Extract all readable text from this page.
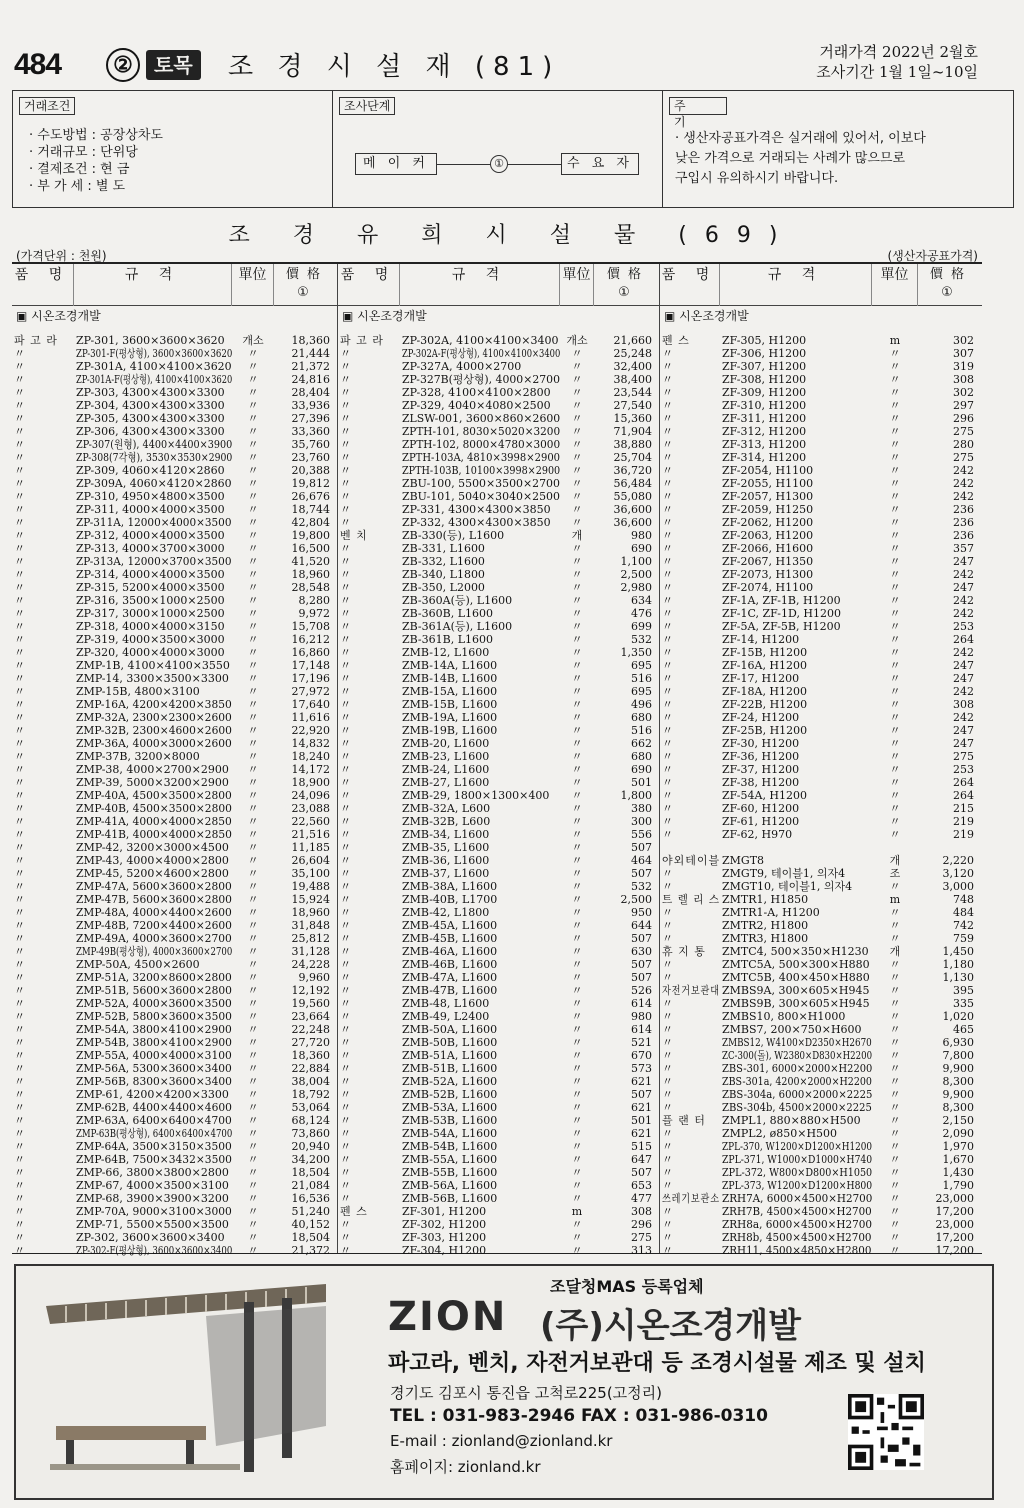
484	②	토목	조 경 시 설 재 (81)	거래가격 2022년 2월호
조사기간 1월 1일~10일
거래조건
· 수도방법 : 공장상차도
· 거래규모 : 단위당
· 결제조건 : 현 금
· 부 가 세 : 별 도
조사단계
메 이 커	①	수 요 자
주 기
· 생산자공표가격은 실거래에 있어서, 이보다
낮은 가격으로 거래되는 사례가 많으므로
구입시 유의하시기 바랍니다.
조 경 유 희 시 설 물 (69)
(가격단위 : 천원)	(생산자공표가격)
품 명	규 격	單位	價 格
①
▣ 시온조경개발
파 고 라 ZP-301, 3600×3600×3620	개소	18,360
〃	ZP-301-F(평상형), 3600×3600×3620	〃	21,444
〃	ZP-301A, 4100×4100×3620	〃	21,372
〃	ZP-301A-F(평상형), 4100×4100×3620	〃	24,816
〃	ZP-303, 4300×4300×3300	〃	28,404
〃	ZP-304, 4300×4300×3300	〃	33,936
〃	ZP-305, 4300×4300×3300	〃	27,396
〃	ZP-306, 4300×4300×3300	〃	33,360
〃	ZP-307(원형), 4400×4400×3900	〃	35,760
〃	ZP-308(7각형), 3530×3530×2900	〃	23,760
〃	ZP-309, 4060×4120×2860	〃	20,388
〃	ZP-309A, 4060×4120×2860	〃	19,812
〃	ZP-310, 4950×4800×3500	〃	26,676
〃	ZP-311, 4000×4000×3500	〃	18,744
〃	ZP-311A, 12000×4000×3500	〃	42,804
〃	ZP-312, 4000×4000×3500	〃	19,800
〃	ZP-313, 4000×3700×3000	〃	16,500
〃	ZP-313A, 12000×3700×3500	〃	41,520
〃	ZP-314, 4000×4000×3500	〃	18,960
〃	ZP-315, 5200×4000×3500	〃	28,548
〃	ZP-316, 3500×1000×2500	〃	8,280
〃	ZP-317, 3000×1000×2500	〃	9,972
〃	ZP-318, 4000×4000×3150	〃	15,708
〃	ZP-319, 4000×3500×3000	〃	16,212
〃	ZP-320, 4000×4000×3000	〃	16,860
〃	ZMP-1B, 4100×4100×3550	〃	17,148
〃	ZMP-14, 3300×3500×3300	〃	17,196
〃	ZMP-15B, 4800×3100	〃	27,972
〃	ZMP-16A, 4200×4200×3850	〃	17,640
〃	ZMP-32A, 2300×2300×2600	〃	11,616
〃	ZMP-32B, 2300×4600×2600	〃	22,920
〃	ZMP-36A, 4000×3000×2600	〃	14,832
〃	ZMP-37B, 3200×8000	〃	18,240
〃	ZMP-38, 4000×2700×2900	〃	14,172
〃	ZMP-39, 5000×3200×2900	〃	18,900
〃	ZMP-40A, 4500×3500×2800	〃	24,096
〃	ZMP-40B, 4500×3500×2800	〃	23,088
〃	ZMP-41A, 4000×4000×2850	〃	22,560
〃	ZMP-41B, 4000×4000×2850	〃	21,516
〃	ZMP-42, 3200×3000×4500	〃	11,185
〃	ZMP-43, 4000×4000×2800	〃	26,604
〃	ZMP-45, 5200×4600×2800	〃	35,100
〃	ZMP-47A, 5600×3600×2800	〃	19,488
〃	ZMP-47B, 5600×3600×2800	〃	15,924
〃	ZMP-48A, 4000×4400×2600	〃	18,960
〃	ZMP-48B, 7200×4400×2600	〃	31,848
〃	ZMP-49A, 4000×3600×2700	〃	25,812
〃	ZMP-49B(평상형), 4000×3600×2700	〃	31,128
〃	ZMP-50A, 4500×2600	〃	24,228
〃	ZMP-51A, 3200×8600×2800	〃	9,960
〃	ZMP-51B, 5600×3600×2800	〃	12,192
〃	ZMP-52A, 4000×3600×3500	〃	19,560
〃	ZMP-52B, 5800×3600×3500	〃	23,664
〃	ZMP-54A, 3800×4100×2900	〃	22,248
〃	ZMP-54B, 3800×4100×2900	〃	27,720
〃	ZMP-55A, 4000×4000×3100	〃	18,360
〃	ZMP-56A, 5300×3600×3400	〃	22,884
〃	ZMP-56B, 8300×3600×3400	〃	38,004
〃	ZMP-61, 4200×4200×3300	〃	18,792
〃	ZMP-62B, 4400×4400×4600	〃	53,064
〃	ZMP-63A, 6400×6400×4700	〃	68,124
〃	ZMP-63B(평상형), 6400×6400×4700	〃	73,860
〃	ZMP-64A, 3500×3150×3500	〃	20,940
〃	ZMP-64B, 7500×3432×3500	〃	34,200
〃	ZMP-66, 3800×3800×2800	〃	18,504
〃	ZMP-67, 4000×3500×3100	〃	21,084
〃	ZMP-68, 3900×3900×3200	〃	16,536
〃	ZMP-70A, 9000×3100×3000	〃	51,240
〃	ZMP-71, 5500×5500×3500	〃	40,152
〃	ZP-302, 3600×3600×3400	〃	18,504
〃	ZP-302-F(평상형), 3600×3600×3400	〃	21,372
품 명	규 격	單位	價 格
①
▣ 시온조경개발
파 고 라 ZP-302A, 4100×4100×3400 개소	21,660
〃	ZP-302A-F(평상형), 4100×4100×3400	〃	25,248
〃	ZP-327A, 4000×2700	〃	32,400
〃	ZP-327B(평상형), 4000×2700	〃	38,400
〃	ZP-328, 4100×4100×2800	〃	23,544
〃	ZP-329, 4040×4080×2500	〃	27,540
〃	ZLSW-001, 3600×860×2600	〃	15,360
〃	ZPTH-101, 8030×5020×3200	〃	71,904
〃	ZPTH-102, 8000×4780×3000	〃	38,880
〃	ZPTH-103A, 4810×3998×2900	〃	25,704
〃	ZPTH-103B, 10100×3998×2900	〃	36,720
〃	ZBU-100, 5500×3500×2700	〃	56,484
〃	ZBU-101, 5040×3040×2500	〃	55,080
〃	ZP-331, 4300×4300×3850	〃	36,600
〃	ZP-332, 4300×4300×3850	〃	36,600
벤 치	ZB-330(등), L1600	개	980
〃	ZB-331, L1600	〃	690
〃	ZB-332, L1600	〃	1,100
〃	ZB-340, L1800	〃	2,500
〃	ZB-350, L2000	〃	2,980
〃	ZB-360A(등), L1600	〃	634
〃	ZB-360B, L1600	〃	476
〃	ZB-361A(등), L1600	〃	699
〃	ZB-361B, L1600	〃	532
〃	ZMB-12, L1600	〃	1,350
〃	ZMB-14A, L1600	〃	695
〃	ZMB-14B, L1600	〃	516
〃	ZMB-15A, L1600	〃	695
〃	ZMB-15B, L1600	〃	496
〃	ZMB-19A, L1600	〃	680
〃	ZMB-19B, L1600	〃	516
〃	ZMB-20, L1600	〃	662
〃	ZMB-23, L1600	〃	680
〃	ZMB-24, L1600	〃	690
〃	ZMB-27, L1600	〃	501
〃	ZMB-29, 1800×1300×400	〃	1,800
〃	ZMB-32A, L600	〃	380
〃	ZMB-32B, L600	〃	300
〃	ZMB-34, L1600	〃	556
〃	ZMB-35, L1600	〃	507
〃	ZMB-36, L1600	〃	464
〃	ZMB-37, L1600	〃	507
〃	ZMB-38A, L1600	〃	532
〃	ZMB-40B, L1700	〃	2,500
〃	ZMB-42, L1800	〃	950
〃	ZMB-45A, L1600	〃	644
〃	ZMB-45B, L1600	〃	507
〃	ZMB-46A, L1600	〃	630
〃	ZMB-46B, L1600	〃	507
〃	ZMB-47A, L1600	〃	507
〃	ZMB-47B, L1600	〃	526
〃	ZMB-48, L1600	〃	614
〃	ZMB-49, L2400	〃	980
〃	ZMB-50A, L1600	〃	614
〃	ZMB-50B, L1600	〃	521
〃	ZMB-51A, L1600	〃	670
〃	ZMB-51B, L1600	〃	573
〃	ZMB-52A, L1600	〃	621
〃	ZMB-52B, L1600	〃	507
〃	ZMB-53A, L1600	〃	621
〃	ZMB-53B, L1600	〃	501
〃	ZMB-54A, L1600	〃	621
〃	ZMB-54B, L1600	〃	515
〃	ZMB-55A, L1600	〃	647
〃	ZMB-55B, L1600	〃	507
〃	ZMB-56A, L1600	〃	653
〃	ZMB-56B, L1600	〃	477
펜 스	ZF-301, H1200	m	308
〃	ZF-302, H1200	〃	296
〃	ZF-303, H1200	〃	275
〃	ZF-304, H1200	〃	313
품 명	규 격	單位	價 格
①
▣ 시온조경개발
펜 스	ZF-305, H1200	m	302
〃	ZF-306, H1200	〃	307
〃	ZF-307, H1200	〃	319
〃	ZF-308, H1200	〃	308
〃	ZF-309, H1200	〃	302
〃	ZF-310, H1200	〃	297
〃	ZF-311, H1200	〃	296
〃	ZF-312, H1200	〃	275
〃	ZF-313, H1200	〃	280
〃	ZF-314, H1200	〃	275
〃	ZF-2054, H1100	〃	242
〃	ZF-2055, H1100	〃	242
〃	ZF-2057, H1300	〃	242
〃	ZF-2059, H1250	〃	236
〃	ZF-2062, H1200	〃	236
〃	ZF-2063, H1200	〃	236
〃	ZF-2066, H1600	〃	357
〃	ZF-2067, H1350	〃	247
〃	ZF-2073, H1300	〃	242
〃	ZF-2074, H1100	〃	247
〃	ZF-1A, ZF-1B, H1200	〃	242
〃	ZF-1C, ZF-1D, H1200	〃	242
〃	ZF-5A, ZF-5B, H1200	〃	253
〃	ZF-14, H1200	〃	264
〃	ZF-15B, H1200	〃	242
〃	ZF-16A, H1200	〃	247
〃	ZF-17, H1200	〃	247
〃	ZF-18A, H1200	〃	242
〃	ZF-22B, H1200	〃	308
〃	ZF-24, H1200	〃	242
〃	ZF-25B, H1200	〃	247
〃	ZF-30, H1200	〃	247
〃	ZF-36, H1200	〃	275
〃	ZF-37, H1200	〃	253
〃	ZF-38, H1200	〃	264
〃	ZF-54A, H1200	〃	264
〃	ZF-60, H1200	〃	215
〃	ZF-61, H1200	〃	219
〃	ZF-62, H970	〃	219
야외테이블 ZMGT8	개	2,220
〃	ZMGT9, 테이블1, 의자4	조	3,120
〃	ZMGT10, 테이블1, 의자4	〃	3,000
트 렐 리 스 ZMTR1, H1850	m	748
〃	ZMTR1-A, H1200	〃	484
〃	ZMTR2, H1800	〃	742
〃	ZMTR3, H1800	〃	759
휴 지 통 ZMTC4, 500×350×H1230	개	1,450
〃	ZMTC5A, 500×300×H880	〃	1,180
〃	ZMTC5B, 400×450×H880	〃	1,130
자전거보관대 ZMBS9A, 300×605×H945	〃	395
〃	ZMBS9B, 300×605×H945	〃	335
〃	ZMBS10, 800×H1000	〃	1,020
〃	ZMBS7, 200×750×H600	〃	465
〃	ZMBS12, W4100×D2350×H2670	〃	6,930
〃	ZC-300(돌), W2380×D830×H2200	〃	7,800
〃	ZBS-301, 6000×2000×H2200	〃	9,900
〃	ZBS-301a, 4200×2000×H2200	〃	8,300
〃	ZBS-304a, 6000×2000×2225	〃	9,900
〃	ZBS-304b, 4500×2000×2225	〃	8,300
플 랜 터 ZMPL1, 880×880×H500	〃	2,150
〃	ZMPL2, ø850×H500	〃	2,090
〃	ZPL-370, W1200×D1200×H1200	〃	1,970
〃	ZPL-371, W1000×D1000×H740	〃	1,670
〃	ZPL-372, W800×D800×H1050	〃	1,430
〃	ZPL-373, W1200×D1200×H800	〃	1,790
쓰레기보관소 ZRH7A, 6000×4500×H2700	〃	23,000
〃	ZRH7B, 4500×4500×H2700	〃	17,200
〃	ZRH8a, 6000×4500×H2700	〃	23,000
〃	ZRH8b, 4500×4500×H2700	〃	17,200
〃	ZRH11, 4500×4850×H2800	〃	17,200
조달청MAS 등록업체
ZION (주)시온조경개발
파고라, 벤치, 자전거보관대 등 조경시설물 제조 및 설치
경기도 김포시 통진읍 고척로225(고정리)
TEL : 031-983-2946 FAX : 031-986-0310
E-mail : zionland@zionland.kr
홈페이지: zionland.kr
